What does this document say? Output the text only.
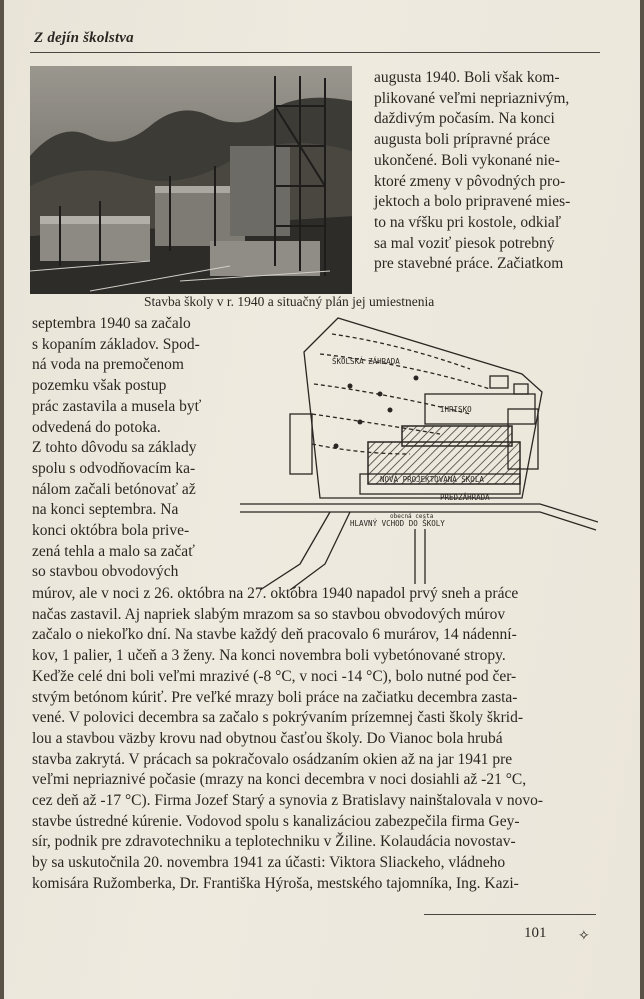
Z dejín školstva
Stavba školy v r. 1940 a situačný plán jej umiestnenia
ŠKOLSKÁ ZÁHRADA
IHRISKO
NOVÁ PROJEKTOVANÁ ŠKOLA
PREDZÁHRADA
HLAVNÝ VCHOD DO ŠKOLY
obecná cesta
augusta 1940. Boli však kom-
plikované veľmi nepriaznivým,
daždivým počasím. Na konci
augusta boli prípravné práce
ukončené. Boli vykonané nie-
ktoré zmeny v pôvodných pro-
jektoch a bolo pripravené mies-
to na vŕšku pri kostole, odkiaľ
sa mal voziť piesok potrebný
pre stavebné práce. Začiatkom
septembra 1940 sa začalo
s kopaním základov. Spod-
ná voda na premočenom
pozemku však postup
prác zastavila a musela byť
odvedená do potoka.
Z tohto dôvodu sa základy
spolu s odvodňovacím ka-
nálom začali betónovať až
na konci septembra. Na
konci októbra bola prive-
zená tehla a malo sa začať
so stavbou obvodových
múrov, ale v noci z 26. októbra na 27. októbra 1940 napadol prvý sneh a práce
načas zastavil. Aj napriek slabým mrazom sa so stavbou obvodových múrov
začalo o niekoľko dní. Na stavbe každý deň pracovalo 6 murárov, 14 nádenní-
kov, 1 palier, 1 učeň a 3 ženy. Na konci novembra boli vybetónované stropy.
Keďže celé dni boli veľmi mrazivé (-8 °C, v noci -14 °C), bolo nutné pod čer-
stvým betónom kúriť. Pre veľké mrazy boli práce na začiatku decembra zasta-
vené. V polovici decembra sa začalo s pokrývaním prízemnej časti školy škrid-
lou a stavbou väzby krovu nad obytnou časťou školy. Do Vianoc bola hrubá
stavba zakrytá. V prácach sa pokračovalo osádzaním okien až na jar 1941 pre
veľmi nepriaznivé počasie (mrazy na konci decembra v noci dosiahli až -21 °C,
cez deň až -17 °C). Firma Jozef Starý a synovia z Bratislavy nainštalovala v novo-
stavbe ústredné kúrenie. Vodovod spolu s kanalizáciou zabezpečila firma Gey-
sír, podnik pre zdravotechniku a teplotechniku v Žiline. Kolaudácia novostav-
by sa uskutočnila 20. novembra 1941 za účasti: Viktora Sliackeho, vládneho
komisára Ružomberka, Dr. Františka Hýroša, mestského tajomníka, Ing. Kazi-
101 ✧
